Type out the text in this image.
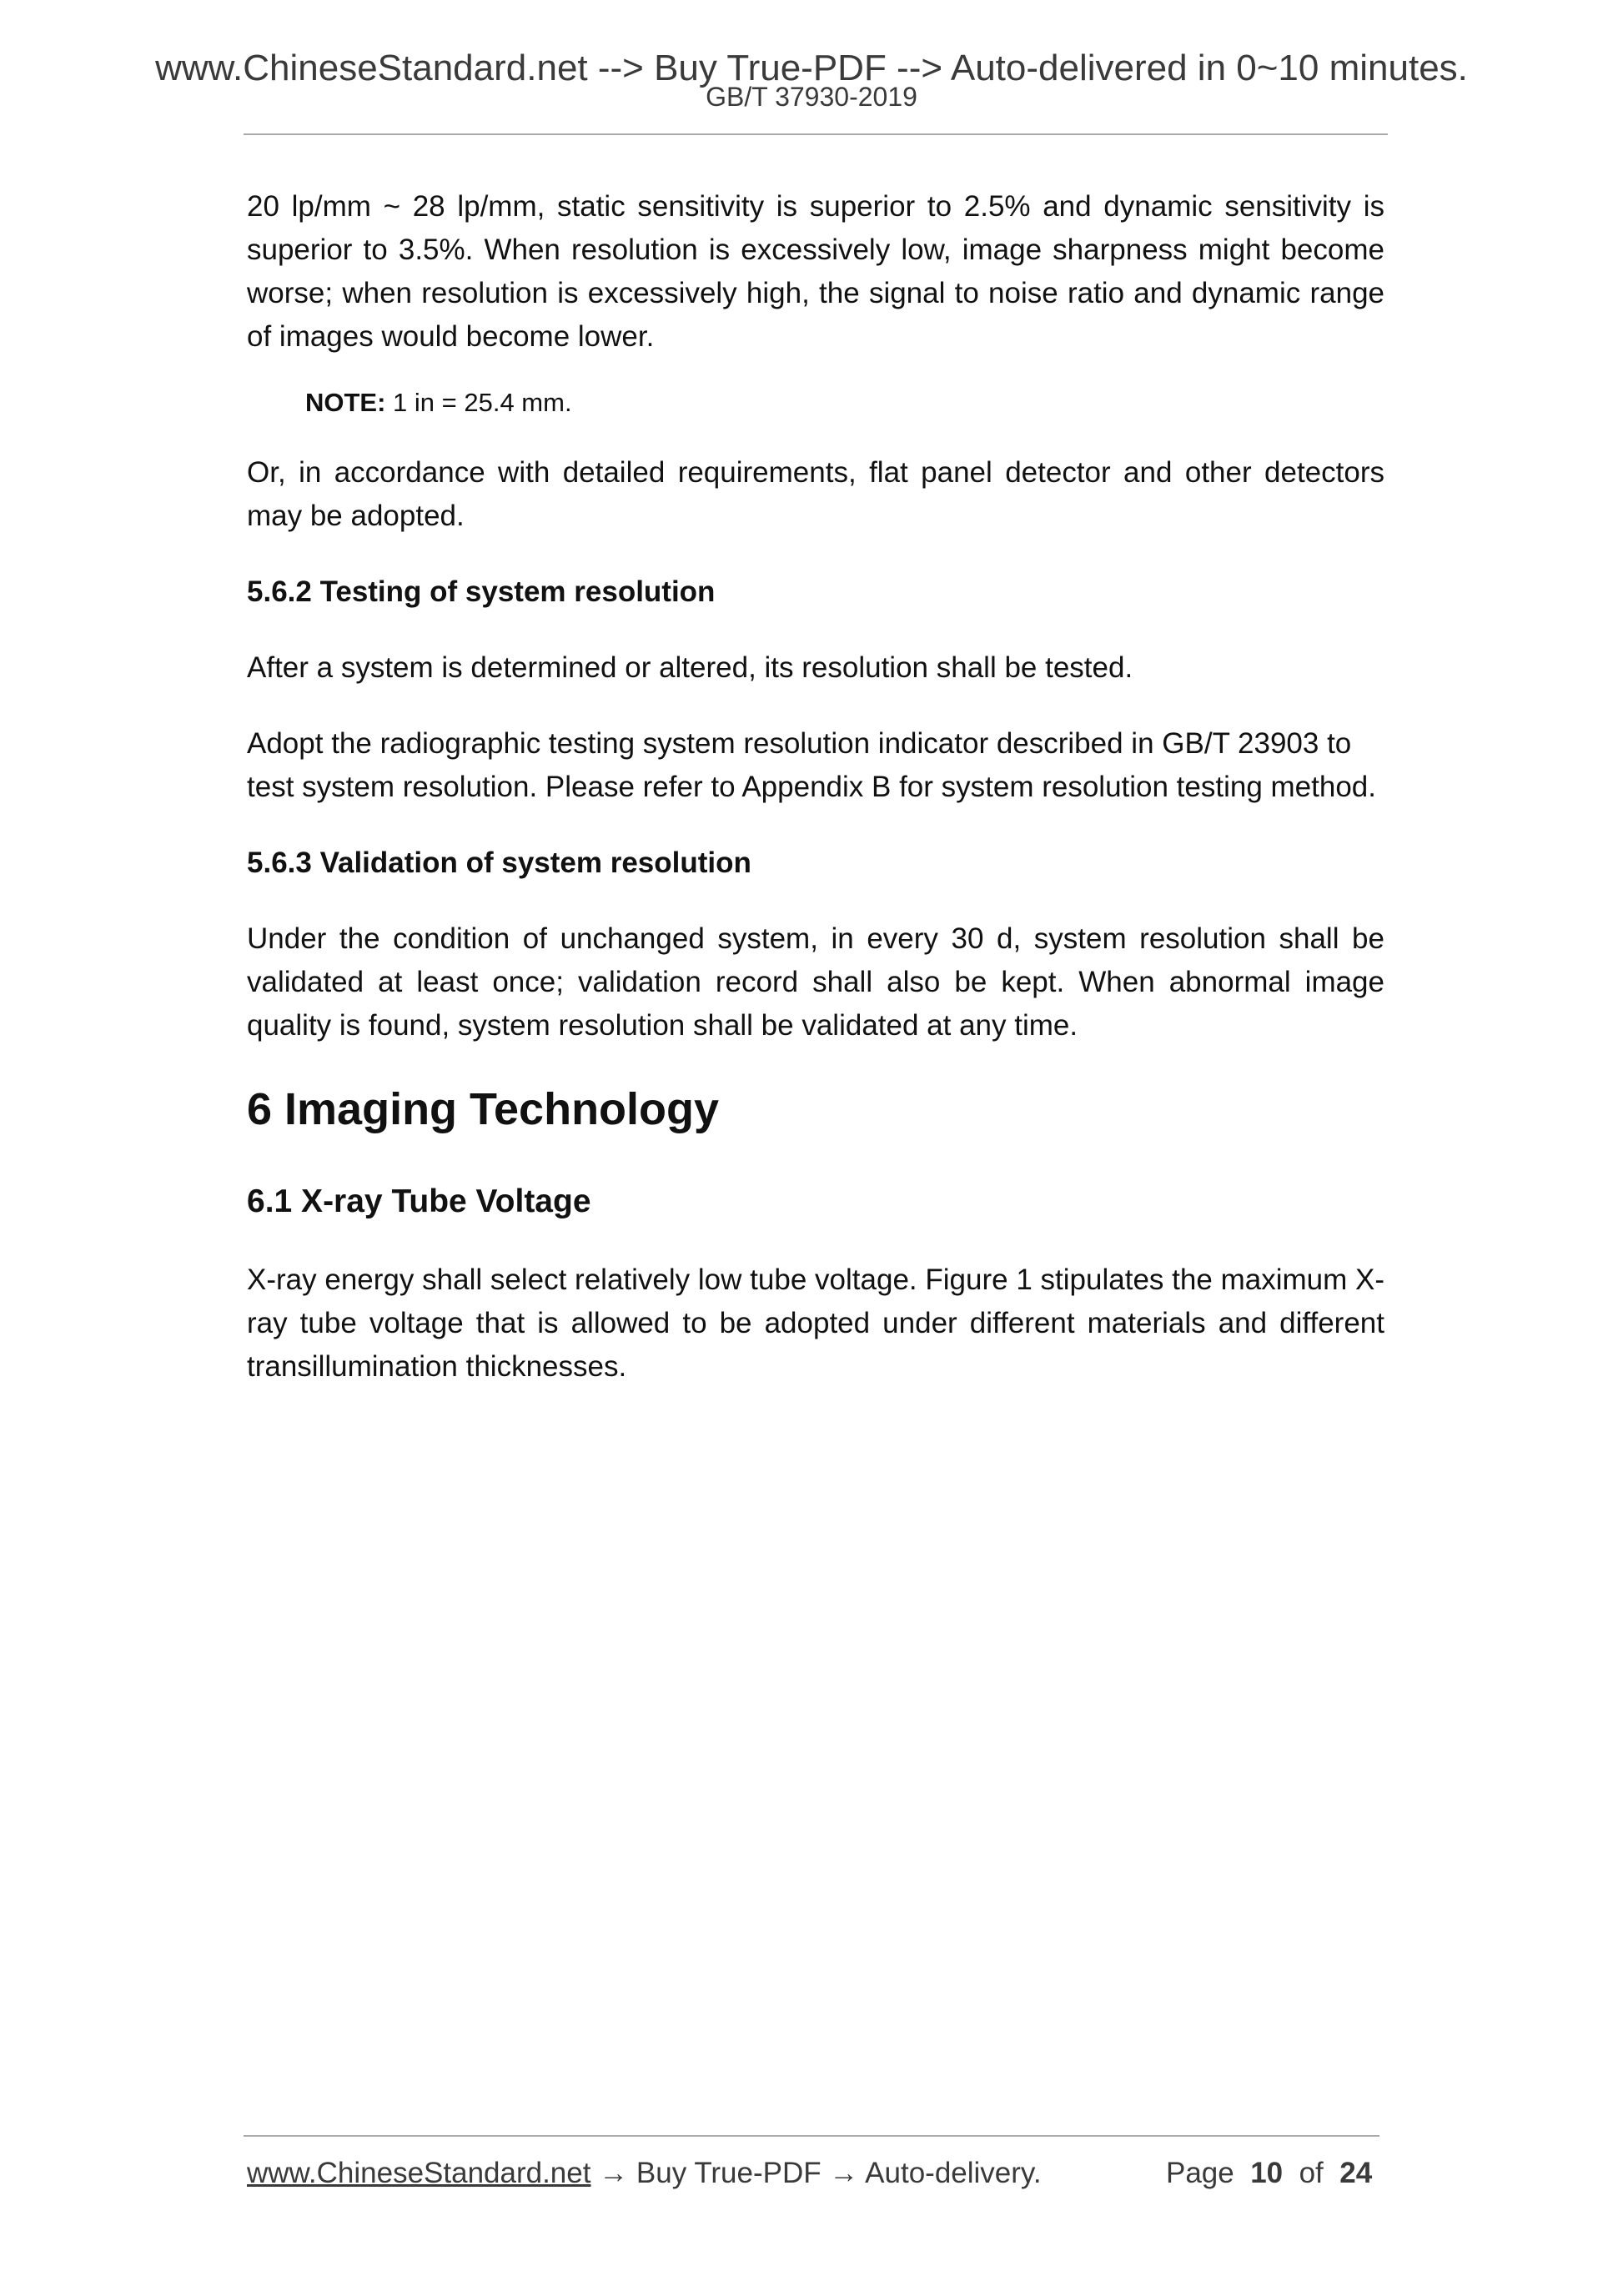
www.ChineseStandard.net --> Buy True-PDF --> Auto-delivered in 0~10 minutes.
GB/T 37930-2019

20 lp/mm ~ 28 lp/mm, static sensitivity is superior to 2.5% and dynamic sensitivity is superior to 3.5%. When resolution is excessively low, image sharpness might become worse; when resolution is excessively high, the signal to noise ratio and dynamic range of images would become lower.

NOTE: 1 in = 25.4 mm.

Or, in accordance with detailed requirements, flat panel detector and other detectors may be adopted.

5.6.2 Testing of system resolution

After a system is determined or altered, its resolution shall be tested.

Adopt the radiographic testing system resolution indicator described in GB/T 23903 to test system resolution. Please refer to Appendix B for system resolution testing method.

5.6.3 Validation of system resolution

Under the condition of unchanged system, in every 30 d, system resolution shall be validated at least once; validation record shall also be kept. When abnormal image quality is found, system resolution shall be validated at any time.

6 Imaging Technology
6.1 X-ray Tube Voltage

X-ray energy shall select relatively low tube voltage. Figure 1 stipulates the maximum X-ray tube voltage that is allowed to be adopted under different materials and different transillumination thicknesses.

www.ChineseStandard.net → Buy True-PDF → Auto-delivery.	Page 10 of 24
